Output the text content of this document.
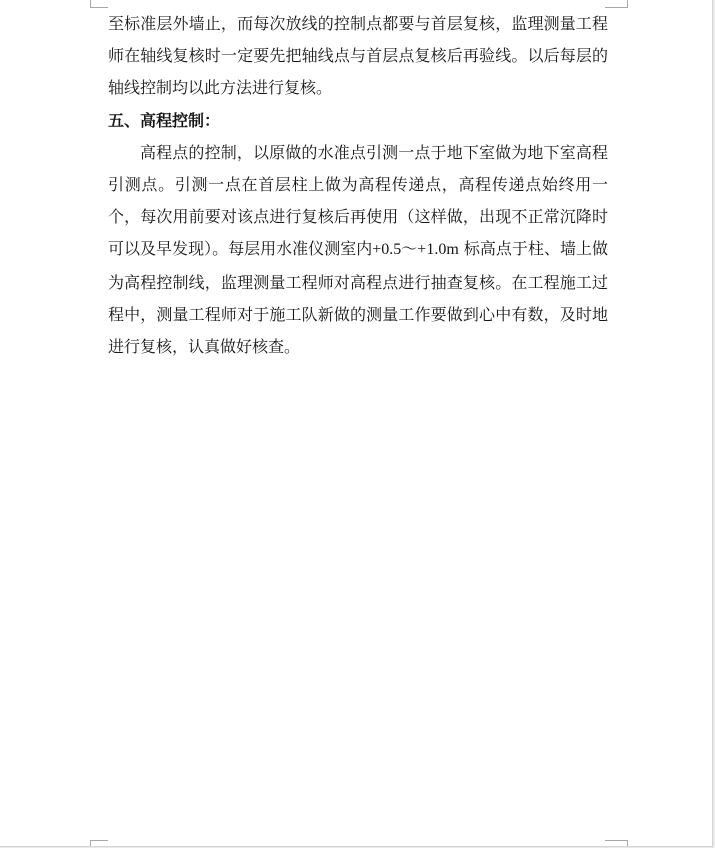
至标准层外墙止，而每次放线的控制点都要与首层复核，监理测量工程师在轴线复核时一定要先把轴线点与首层点复核后再验线。以后每层的轴线控制均以此方法进行复核。

五、高程控制：

高程点的控制，以原做的水准点引测一点于地下室做为地下室高程引测点。引测一点在首层柱上做为高程传递点，高程传递点始终用一个，每次用前要对该点进行复核后再使用（这样做，出现不正常沉降时可以及早发现）。每层用水准仪测室内+0.5～+1.0m 标高点于柱、墙上做为高程控制线，监理测量工程师对高程点进行抽查复核。在工程施工过程中，测量工程师对于施工队新做的测量工作要做到心中有数，及时地进行复核，认真做好核查。
